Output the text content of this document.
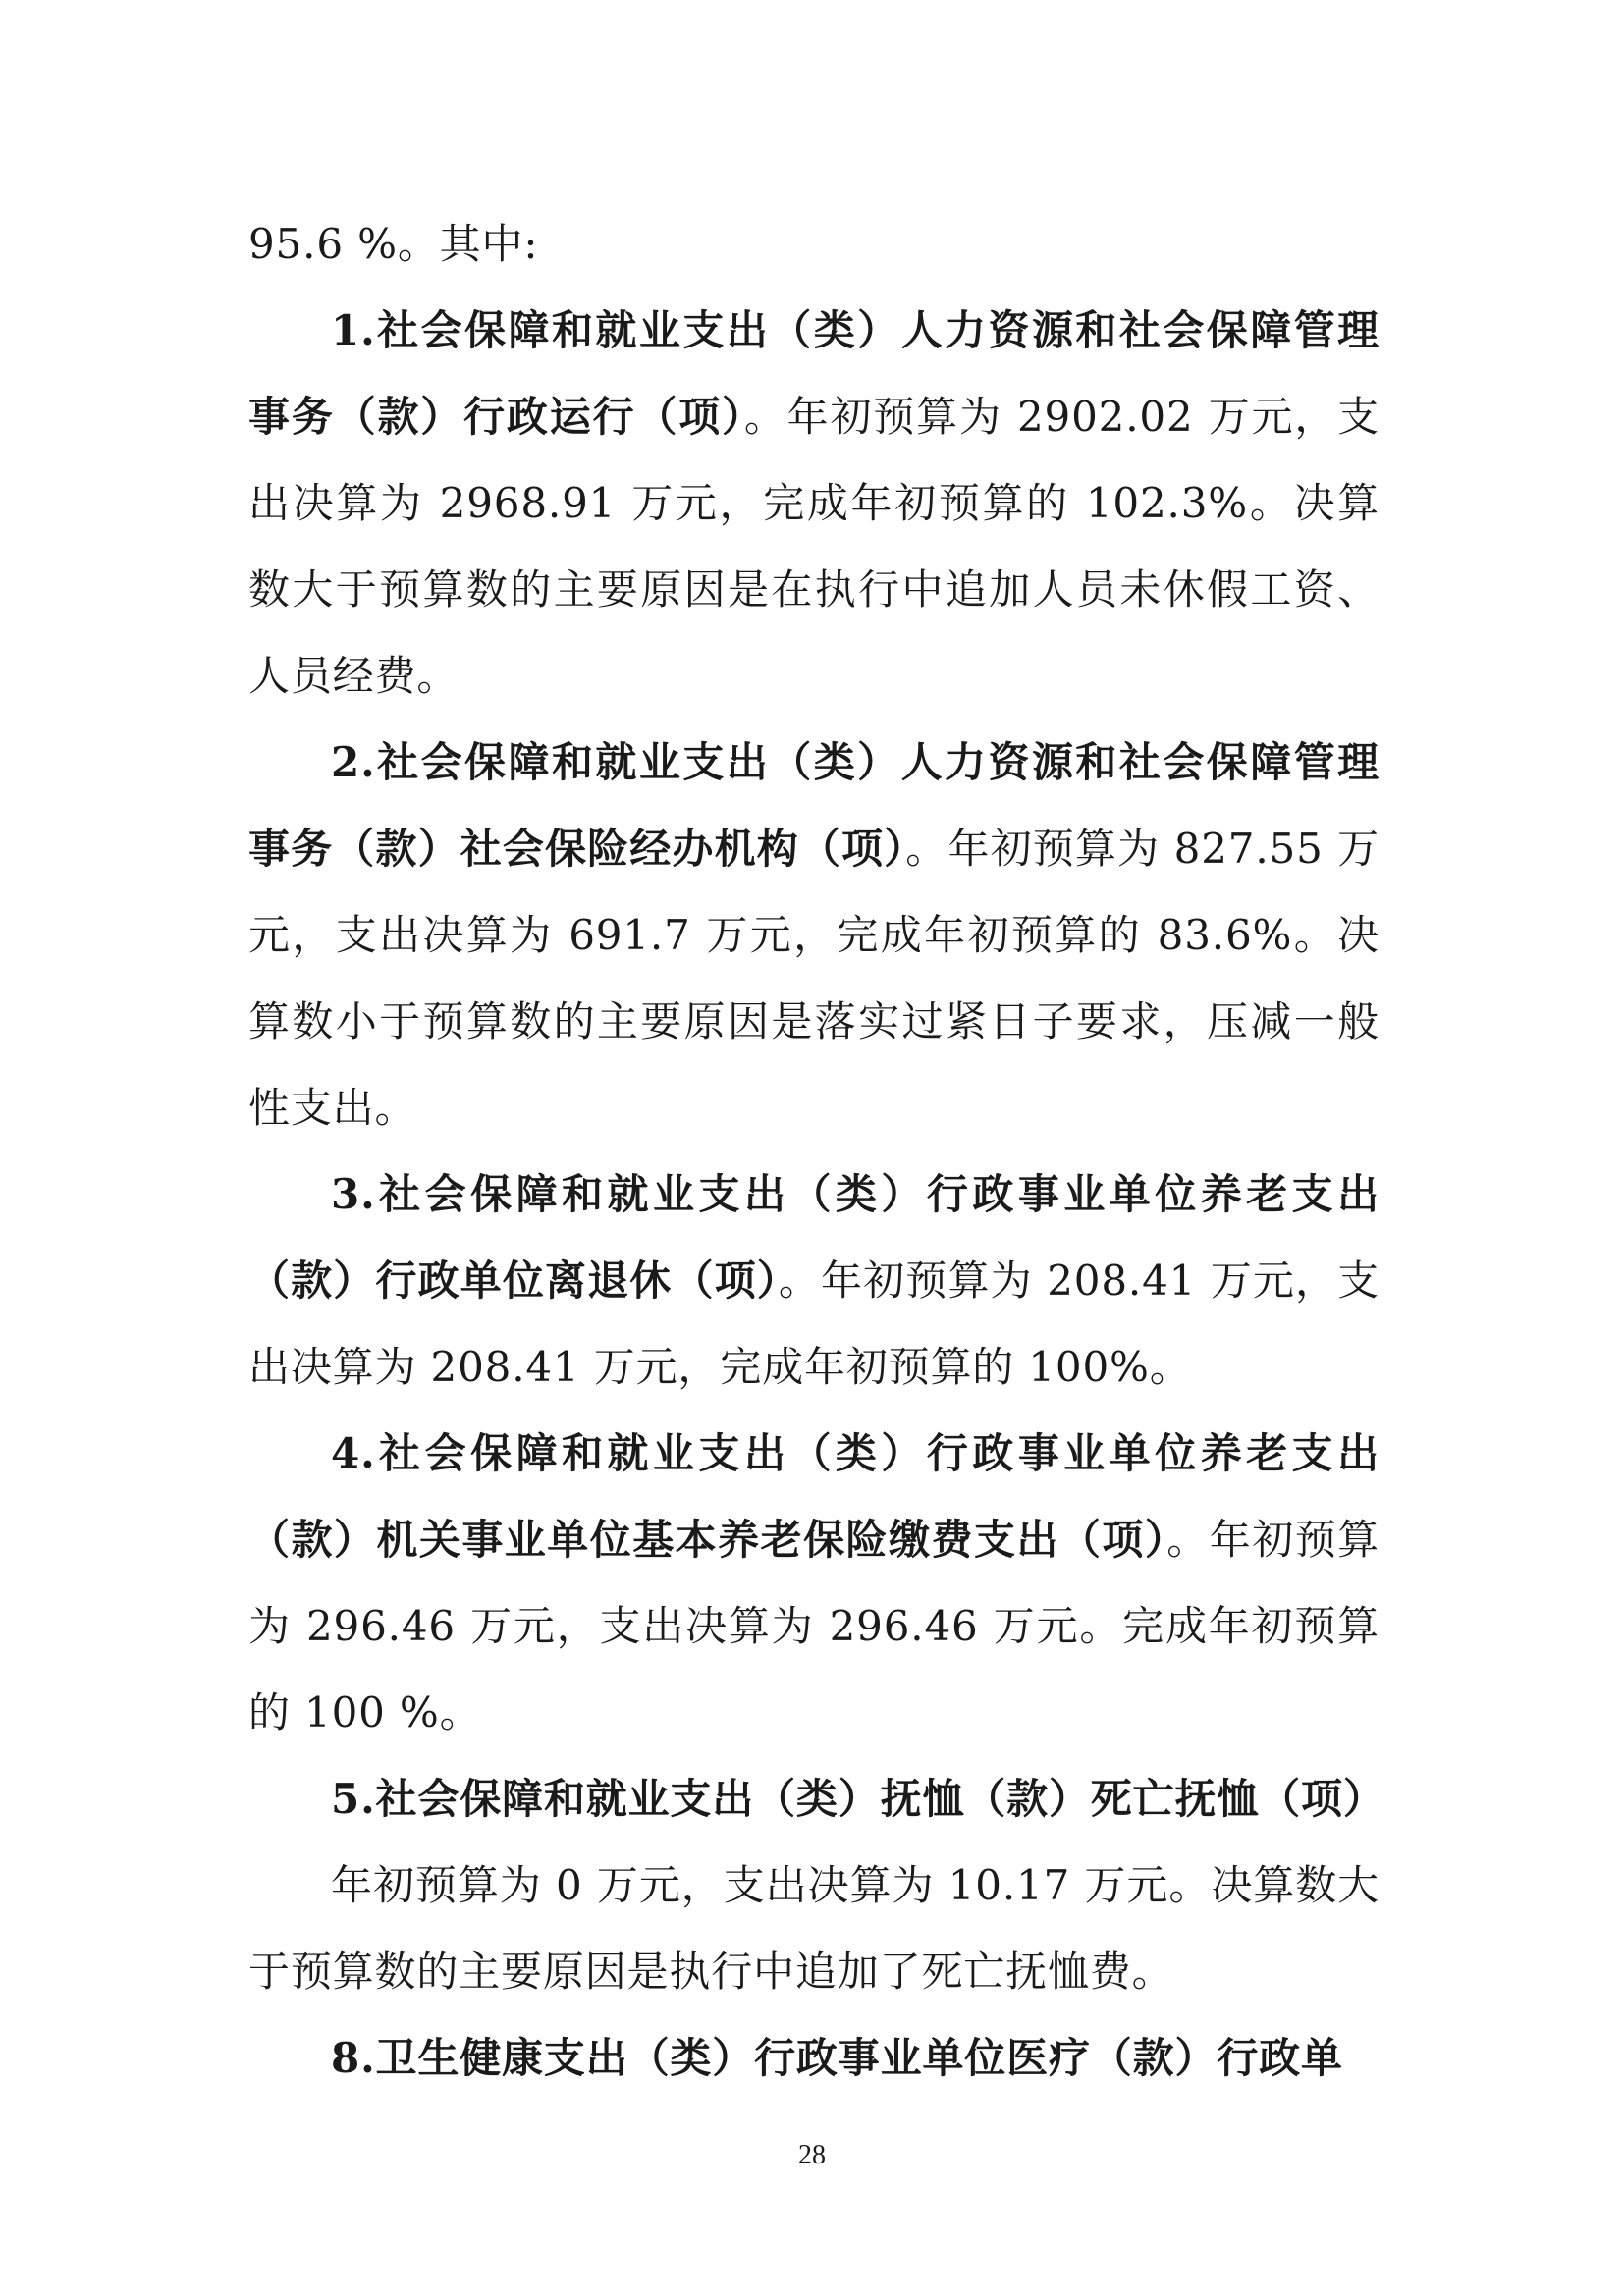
95.6 %。其中:

1.社会保障和就业支出（类）人力资源和社会保障管理事务（款）行政运行（项）。年初预算为 2902.02 万元，支出决算为 2968.91 万元，完成年初预算的 102.3%。决算数大于预算数的主要原因是在执行中追加人员未休假工资、人员经费。

2.社会保障和就业支出（类）人力资源和社会保障管理事务（款）社会保险经办机构（项）。年初预算为 827.55 万元，支出决算为 691.7 万元，完成年初预算的 83.6%。决算数小于预算数的主要原因是落实过紧日子要求，压减一般性支出。

3.社会保障和就业支出（类）行政事业单位养老支出（款）行政单位离退休（项）。年初预算为 208.41 万元，支出决算为 208.41 万元，完成年初预算的 100%。

4.社会保障和就业支出（类）行政事业单位养老支出（款）机关事业单位基本养老保险缴费支出（项）。年初预算为 296.46 万元，支出决算为 296.46 万元。完成年初预算的 100 %。

5.社会保障和就业支出（类）抚恤（款）死亡抚恤（项）

年初预算为 0 万元，支出决算为 10.17 万元。决算数大于预算数的主要原因是执行中追加了死亡抚恤费。

8.卫生健康支出（类）行政事业单位医疗（款）行政单

28
